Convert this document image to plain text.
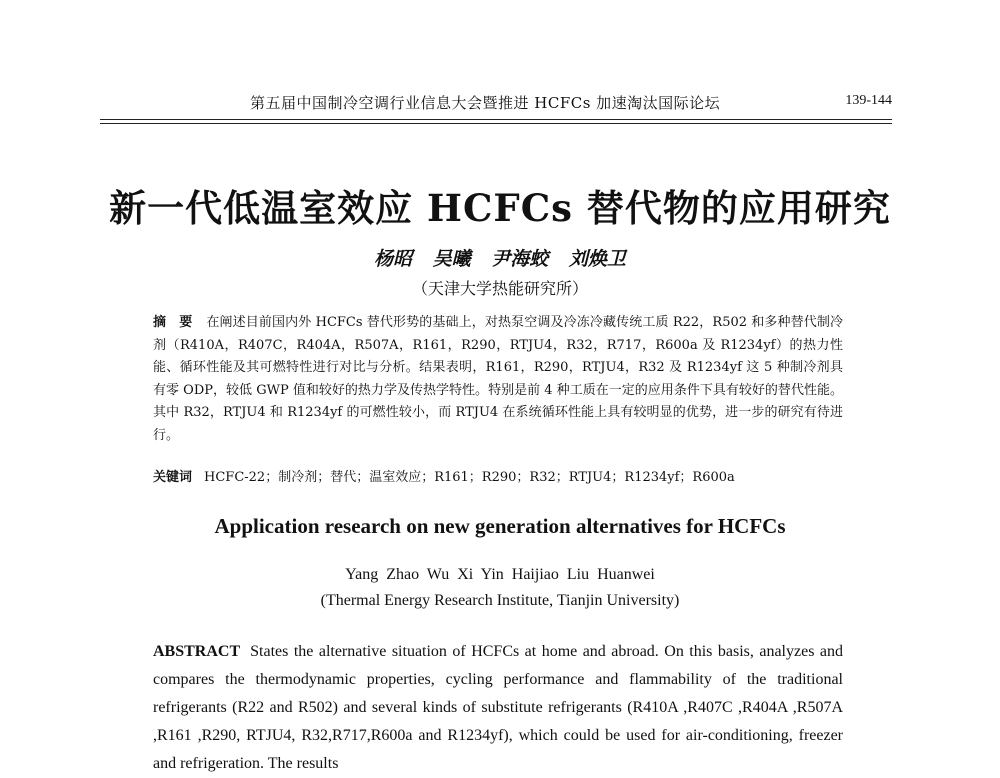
第五届中国制冷空调行业信息大会暨推进 HCFCs 加速淘汰国际论坛	139-144
新一代低温室效应 HCFCs 替代物的应用研究
杨昭 吴曦 尹海蛟 刘焕卫
（天津大学热能研究所）
摘　要 在阐述目前国内外 HCFCs 替代形势的基础上，对热泵空调及冷冻冷藏传统工质 R22，R502 和多种替代制冷剂（R410A，R407C，R404A，R507A，R161，R290，RTJU4，R32，R717，R600a 及 R1234yf）的热力性能、循环性能及其可燃特性进行对比与分析。结果表明，R161，R290，RTJU4，R32 及 R1234yf 这 5 种制冷剂具有零 ODP，较低 GWP 值和较好的热力学及传热学特性。特别是前 4 种工质在一定的应用条件下具有较好的替代性能。其中 R32，RTJU4 和 R1234yf 的可燃性较小，而 RTJU4 在系统循环性能上具有较明显的优势，进一步的研究有待进行。
关键词 HCFC-22；制冷剂；替代；温室效应；R161；R290；R32；RTJU4；R1234yf；R600a
Application research on new generation alternatives for HCFCs
Yang Zhao Wu Xi Yin Haijiao Liu Huanwei
(Thermal Energy Research Institute, Tianjin University)
ABSTRACT States the alternative situation of HCFCs at home and abroad. On this basis, analyzes and compares the thermodynamic properties, cycling performance and flammability of the traditional refrigerants (R22 and R502) and several kinds of substitute refrigerants (R410A ,R407C ,R404A ,R507A ,R161 ,R290, RTJU4, R32,R717,R600a and R1234yf), which could be used for air-conditioning, freezer and refrigeration. The results
